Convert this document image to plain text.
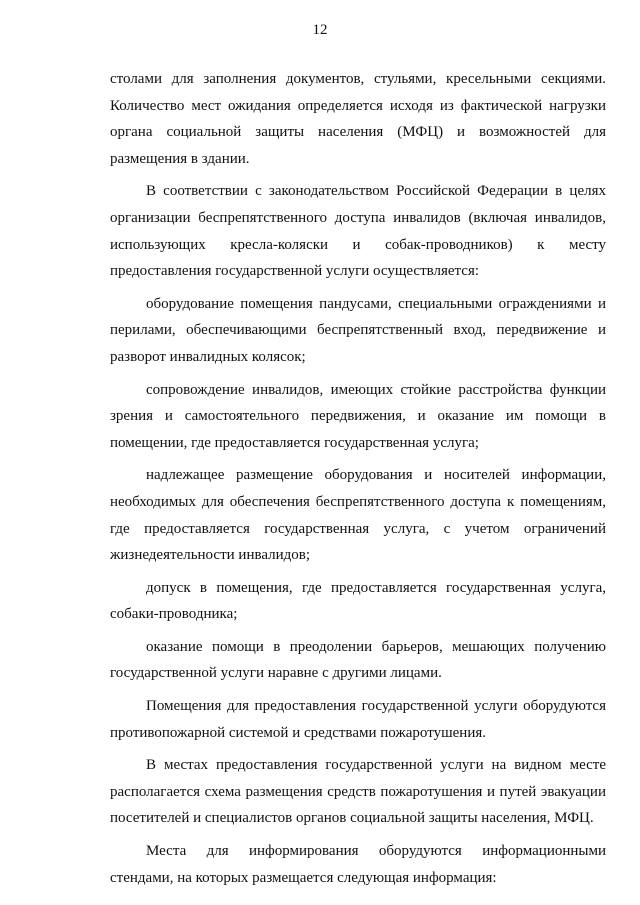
12

столами для заполнения документов, стульями, кресельными секциями. Количество мест ожидания определяется исходя из фактической нагрузки органа социальной защиты населения (МФЦ) и возможностей для размещения в здании.

В соответствии с законодательством Российской Федерации в целях организации беспрепятственного доступа инвалидов (включая инвалидов, использующих кресла-коляски и собак-проводников) к месту предоставления государственной услуги осуществляется:

оборудование помещения пандусами, специальными ограждениями и перилами, обеспечивающими беспрепятственный вход, передвижение и разворот инвалидных колясок;

сопровождение инвалидов, имеющих стойкие расстройства функции зрения и самостоятельного передвижения, и оказание им помощи в помещении, где предоставляется государственная услуга;

надлежащее размещение оборудования и носителей информации, необходимых для обеспечения беспрепятственного доступа к помещениям, где предоставляется государственная услуга, с учетом ограничений жизнедеятельности инвалидов;

допуск в помещения, где предоставляется государственная услуга, собаки-проводника;

оказание помощи в преодолении барьеров, мешающих получению государственной услуги наравне с другими лицами.

Помещения для предоставления государственной услуги оборудуются противопожарной системой и средствами пожаротушения.

В местах предоставления государственной услуги на видном месте располагается схема размещения средств пожаротушения и путей эвакуации посетителей и специалистов органов социальной защиты населения, МФЦ.

Места для информирования оборудуются информационными стендами, на которых размещается следующая информация:
